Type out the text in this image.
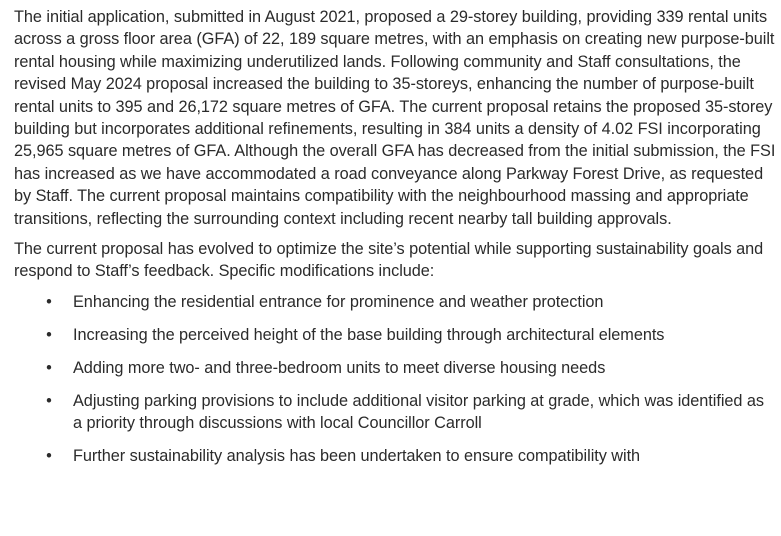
The initial application, submitted in August 2021, proposed a 29-storey building, providing 339 rental units across a gross floor area (GFA) of 22, 189 square metres, with an emphasis on creating new purpose-built rental housing while maximizing underutilized lands. Following community and Staff consultations, the revised May 2024 proposal increased the building to 35-storeys, enhancing the number of purpose-built rental units to 395 and 26,172 square metres of GFA. The current proposal retains the proposed 35-storey building but incorporates additional refinements, resulting in 384 units a density of 4.02 FSI incorporating 25,965 square metres of GFA. Although the overall GFA has decreased from the initial submission, the FSI has increased as we have accommodated a road conveyance along Parkway Forest Drive, as requested by Staff. The current proposal maintains compatibility with the neighbourhood massing and appropriate transitions, reflecting the surrounding context including recent nearby tall building approvals.

The current proposal has evolved to optimize the site’s potential while supporting sustainability goals and respond to Staff’s feedback. Specific modifications include:

• Enhancing the residential entrance for prominence and weather protection
• Increasing the perceived height of the base building through architectural elements
• Adding more two- and three-bedroom units to meet diverse housing needs
• Adjusting parking provisions to include additional visitor parking at grade, which was identified as a priority through discussions with local Councillor Carroll
• Further sustainability analysis has been undertaken to ensure compatibility with
